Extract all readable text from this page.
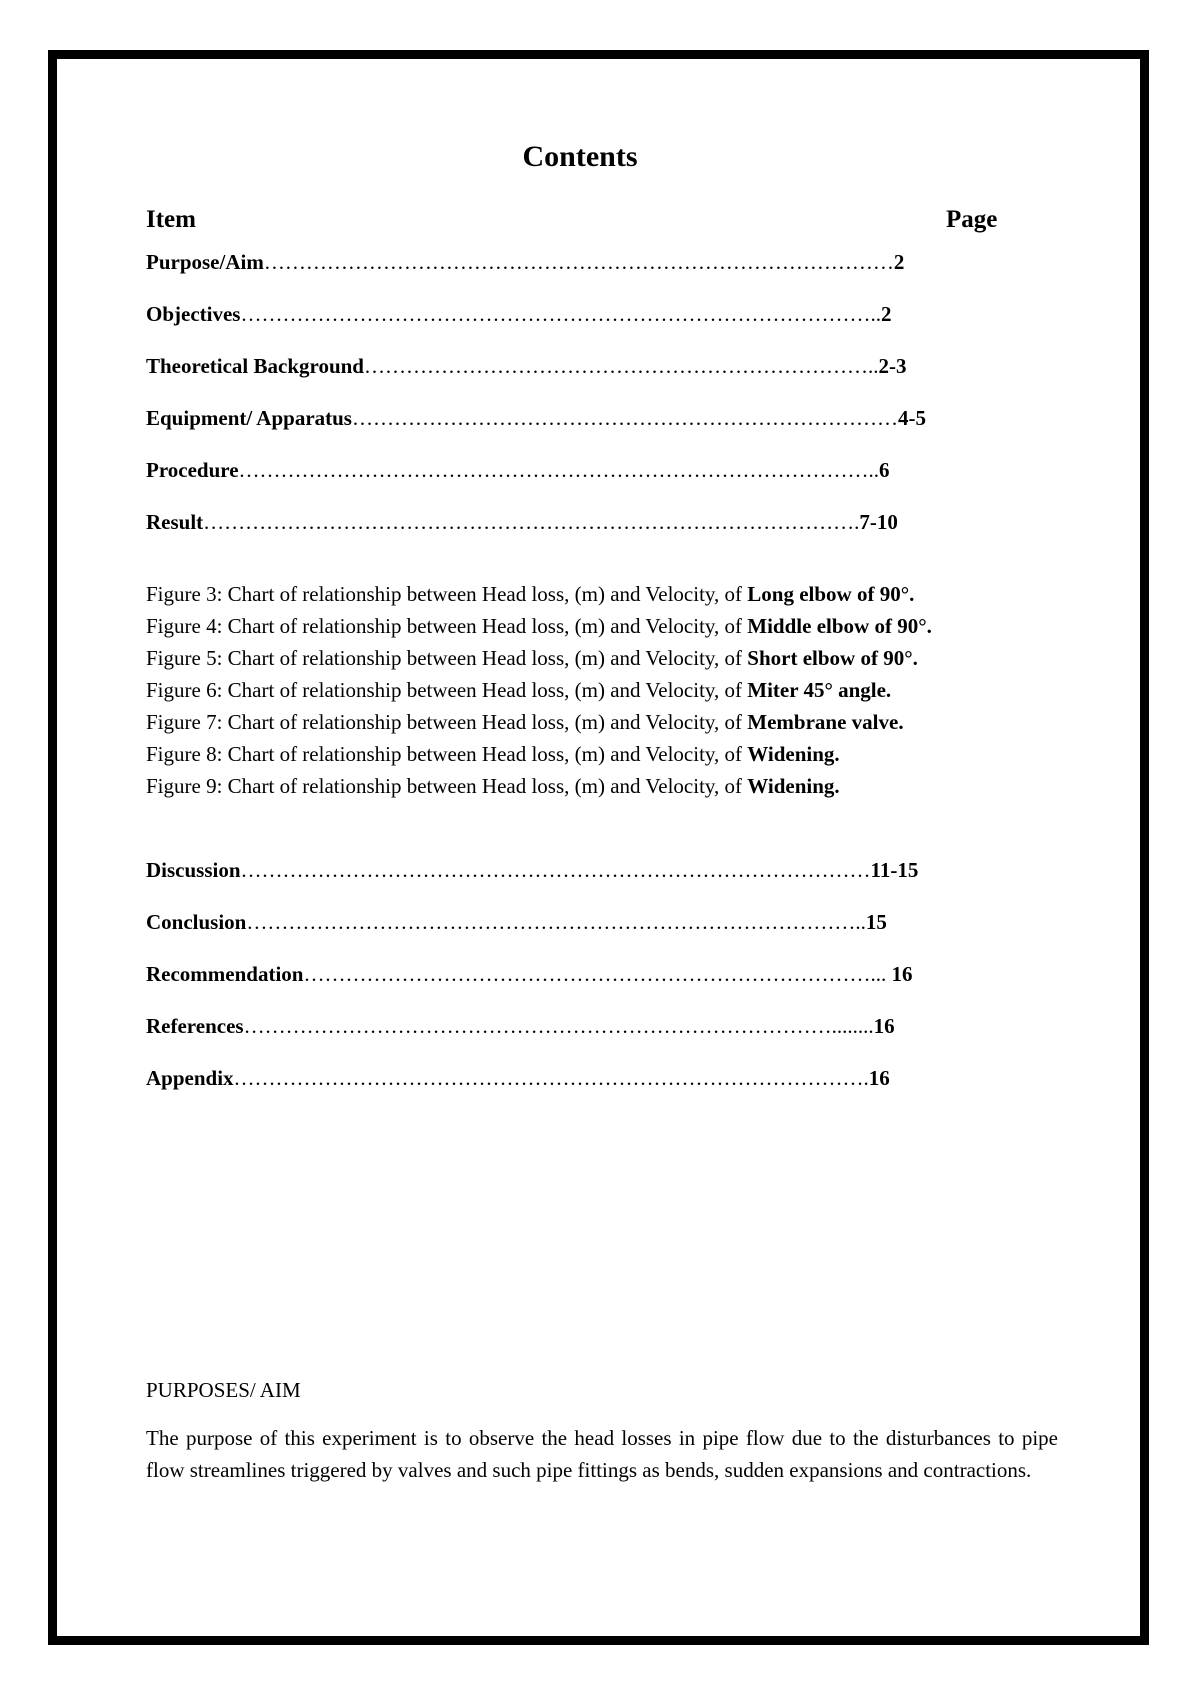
Contents
Item	Page
Purpose/Aim………………………………………………………………………………2
Objectives………………………………………………………………………………..2
Theoretical Background………………………………………………………………..2-3
Equipment/ Apparatus……………………………………………………………………4-5
Procedure………………………………………………………………………………..6
Result………………………………………………………………………………….7-10
Figure 3: Chart of relationship between Head loss, (m) and Velocity, of Long elbow of 90°.
Figure 4: Chart of relationship between Head loss, (m) and Velocity, of Middle elbow of 90°.
Figure 5: Chart of relationship between Head loss, (m) and Velocity, of Short elbow of 90°.
Figure 6: Chart of relationship between Head loss, (m) and Velocity, of Miter 45° angle.
Figure 7: Chart of relationship between Head loss, (m) and Velocity, of Membrane valve.
Figure 8: Chart of relationship between Head loss, (m) and Velocity, of Widening.
Figure 9: Chart of relationship between Head loss, (m) and Velocity, of Widening.
Discussion………………………………………………………………………………11-15
Conclusion……………………………………………………………………………..15
Recommendation………………………………………………………………………... 16
References…………………………………………………………………………........16
Appendix……………………………………………………………………………….16
PURPOSES/ AIM
The purpose of this experiment is to observe the head losses in pipe flow due to the disturbances to pipe flow streamlines triggered by valves and such pipe fittings as bends, sudden expansions and contractions.
